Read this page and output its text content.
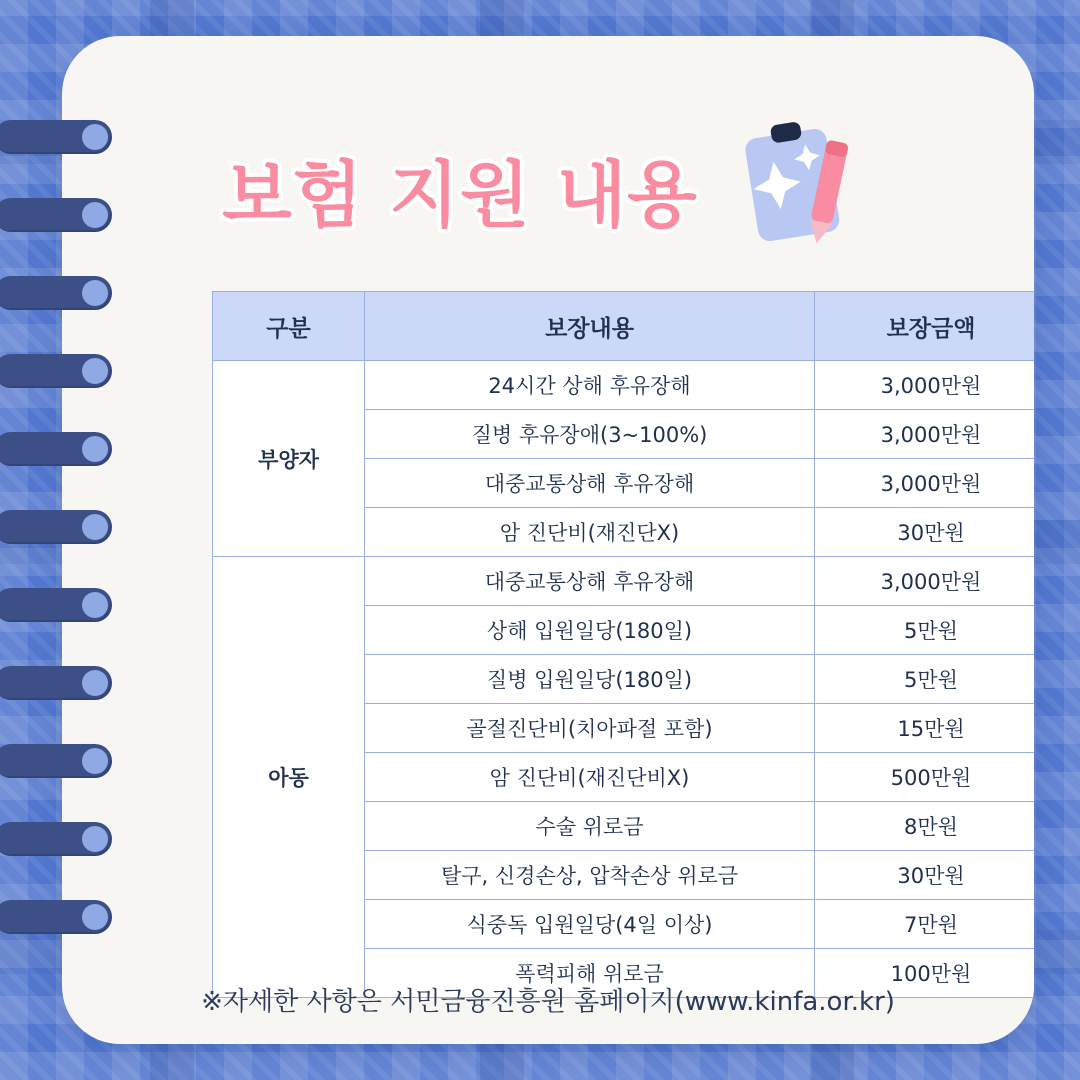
보험 지원 내용
구분	보장내용	보장금액
부양자	24시간 상해 후유장해	3,000만원
	질병 후유장애(3~100%)	3,000만원
	대중교통상해 후유장해	3,000만원
	암 진단비(재진단X)	30만원
아동	대중교통상해 후유장해	3,000만원
	상해 입원일당(180일)	5만원
	질병 입원일당(180일)	5만원
	골절진단비(치아파절 포함)	15만원
	암 진단비(재진단비X)	500만원
	수술 위로금	8만원
	탈구, 신경손상, 압착손상 위로금	30만원
	식중독 입원일당(4일 이상)	7만원
	폭력피해 위로금	100만원
※자세한 사항은 서민금융진흥원 홈페이지(www.kinfa.or.kr)
